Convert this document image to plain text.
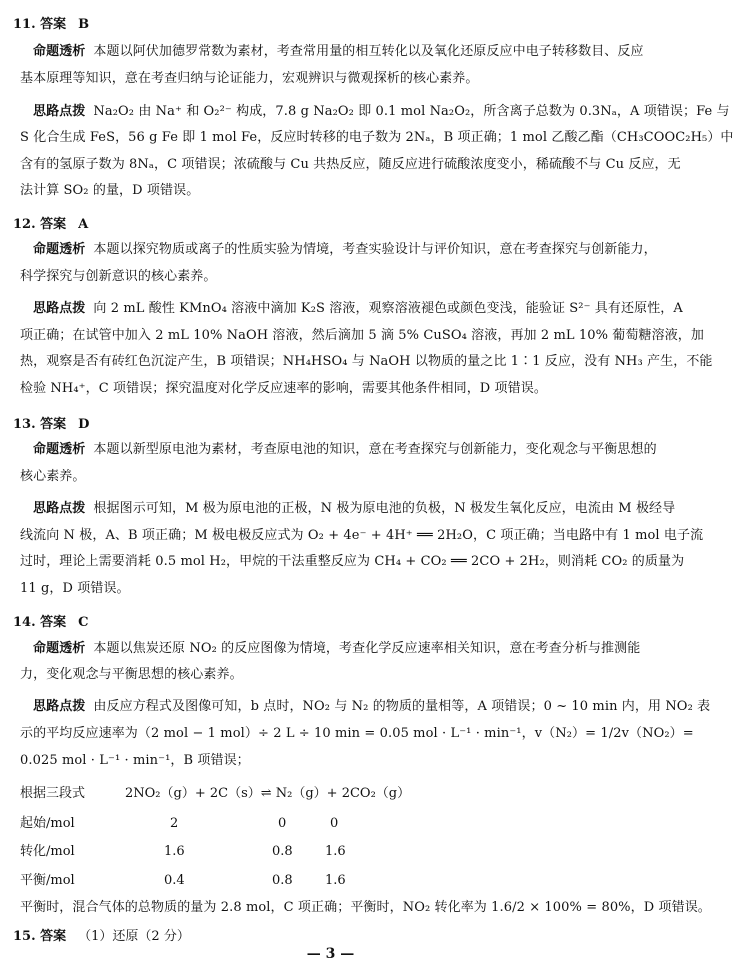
11. 答案 B
命题透析 本题以阿伏加德罗常数为素材，考查常用量的相互转化以及氧化还原反应中电子转移数目、反应
基本原理等知识，意在考查归纳与论证能力，宏观辨识与微观探析的核心素养。
思路点拨 Na₂O₂ 由 Na⁺ 和 O₂²⁻ 构成，7.8 g Na₂O₂ 即 0.1 mol Na₂O₂，所含离子总数为 0.3Nₐ，A 项错误；Fe 与
S 化合生成 FeS，56 g Fe 即 1 mol Fe，反应时转移的电子数为 2Nₐ，B 项正确；1 mol 乙酸乙酯（CH₃COOC₂H₅）中
含有的氢原子数为 8Nₐ，C 项错误；浓硫酸与 Cu 共热反应，随反应进行硫酸浓度变小，稀硫酸不与 Cu 反应，无
法计算 SO₂ 的量，D 项错误。
12. 答案 A
命题透析 本题以探究物质或离子的性质实验为情境，考查实验设计与评价知识，意在考查探究与创新能力，
科学探究与创新意识的核心素养。
思路点拨 向 2 mL 酸性 KMnO₄ 溶液中滴加 K₂S 溶液，观察溶液褪色或颜色变浅，能验证 S²⁻ 具有还原性，A
项正确；在试管中加入 2 mL 10% NaOH 溶液，然后滴加 5 滴 5% CuSO₄ 溶液，再加 2 mL 10% 葡萄糖溶液，加
热，观察是否有砖红色沉淀产生，B 项错误；NH₄HSO₄ 与 NaOH 以物质的量之比 1∶1 反应，没有 NH₃ 产生，不能
检验 NH₄⁺，C 项错误；探究温度对化学反应速率的影响，需要其他条件相同，D 项错误。
13. 答案 D
命题透析 本题以新型原电池为素材，考查原电池的知识，意在考查探究与创新能力，变化观念与平衡思想的
核心素养。
思路点拨 根据图示可知，M 极为原电池的正极，N 极为原电池的负极，N 极发生氧化反应，电流由 M 极经导
线流向 N 极，A、B 项正确；M 极电极反应式为 O₂ + 4e⁻ + 4H⁺ ══ 2H₂O，C 项正确；当电路中有 1 mol 电子流
过时，理论上需要消耗 0.5 mol H₂，甲烷的干法重整反应为 CH₄ + CO₂ ══ 2CO + 2H₂，则消耗 CO₂ 的质量为
11 g，D 项错误。
14. 答案 C
命题透析 本题以焦炭还原 NO₂ 的反应图像为情境，考查化学反应速率相关知识，意在考查分析与推测能
力，变化观念与平衡思想的核心素养。
思路点拨 由反应方程式及图像可知，b 点时，NO₂ 与 N₂ 的物质的量相等，A 项错误；0 ~ 10 min 内，用 NO₂ 表
示的平均反应速率为（2 mol − 1 mol）÷ 2 L ÷ 10 min = 0.05 mol · L⁻¹ · min⁻¹，v（N₂）= 1/2v（NO₂）=
0.025 mol · L⁻¹ · min⁻¹，B 项错误；
根据三段式	2NO₂（g）+ 2C（s）⇌ N₂（g）+ 2CO₂（g）
起始/mol	2	0	0
转化/mol	1.6	0.8 1.6
平衡/mol	0.4	0.8 1.6
平衡时，混合气体的总物质的量为 2.8 mol，C 项正确；平衡时，NO₂ 转化率为 1.6/2 × 100% = 80%，D 项错误。
15. 答案 （1）还原（2 分）
— 3 —
